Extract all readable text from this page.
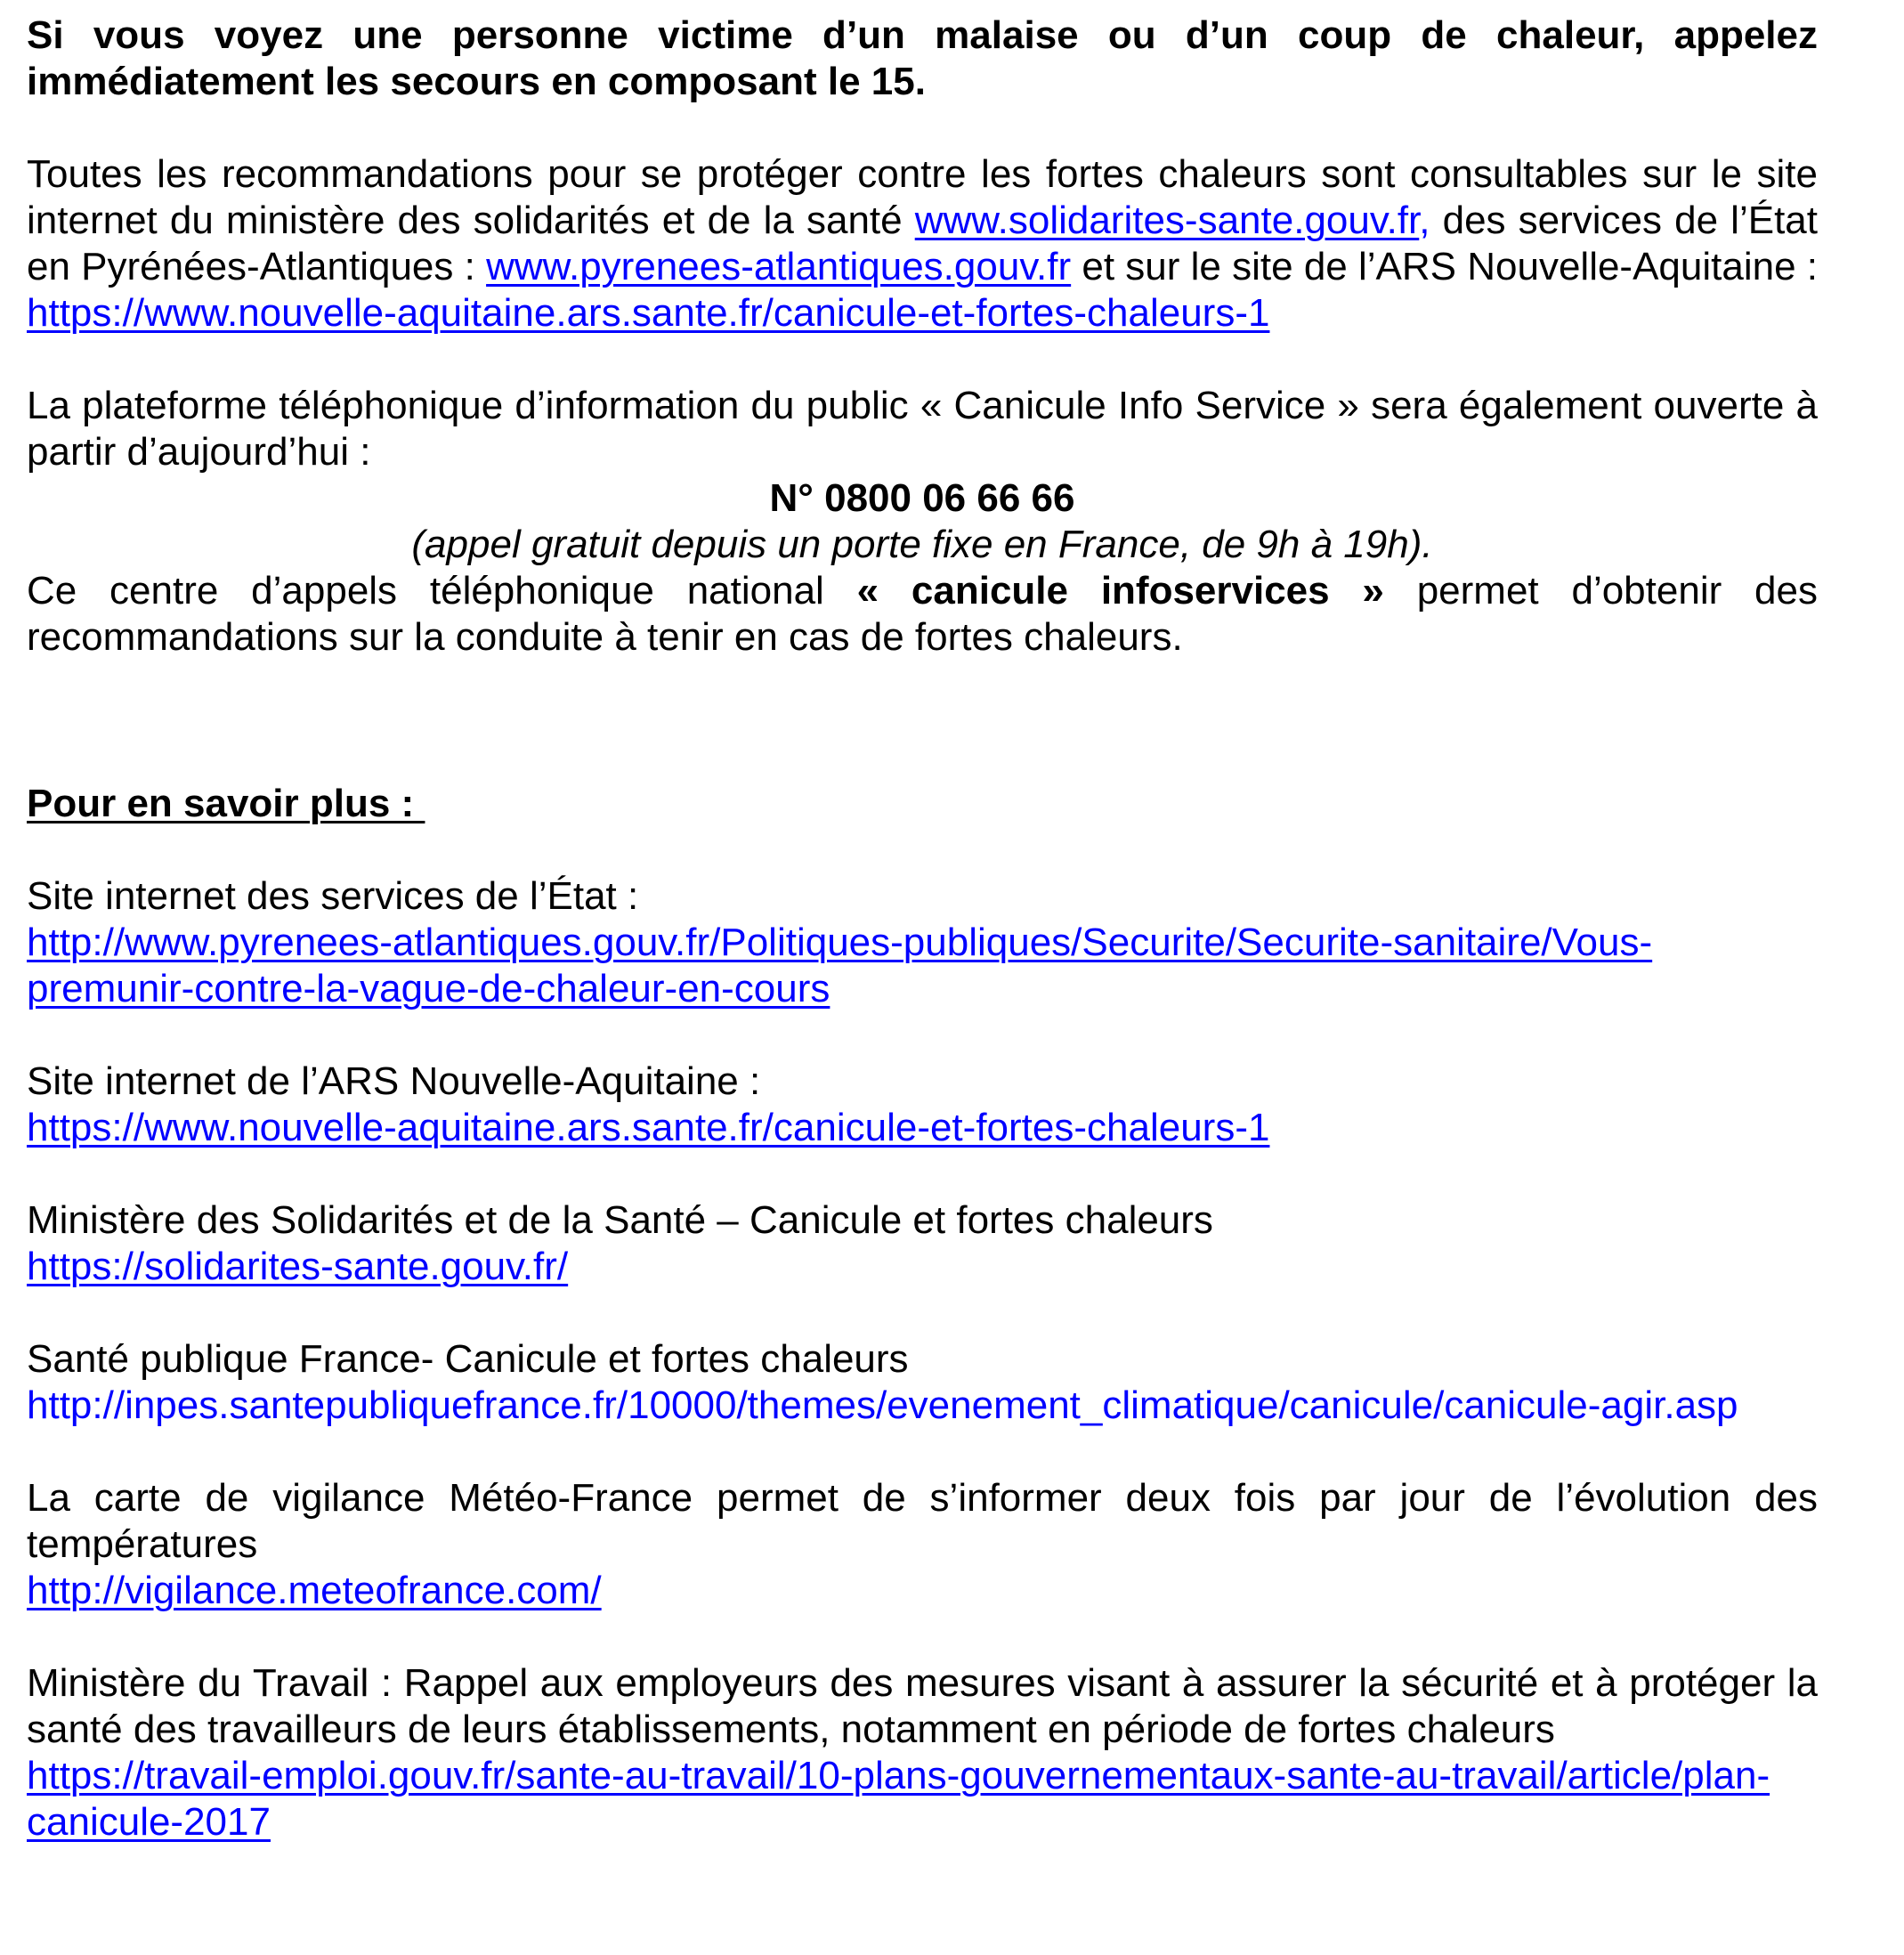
Si vous voyez une personne victime d’un malaise ou d’un coup de chaleur, appelez immédiatement les secours en composant le 15.

Toutes les recommandations pour se protéger contre les fortes chaleurs sont consultables sur le site internet du ministère des solidarités et de la santé www.solidarites-sante.gouv.fr, des services de l’État en Pyrénées-Atlantiques : www.pyrenees-atlantiques.gouv.fr et sur le site de l’ARS Nouvelle-Aquitaine : https://www.nouvelle-aquitaine.ars.sante.fr/canicule-et-fortes-chaleurs-1

La plateforme téléphonique d’information du public « Canicule Info Service » sera également ouverte à partir d’aujourd’hui :

N° 0800 06 66 66

(appel gratuit depuis un porte fixe en France, de 9h à 19h).

Ce centre d’appels téléphonique national « canicule infoservices » permet d’obtenir des recommandations sur la conduite à tenir en cas de fortes chaleurs.

Pour en savoir plus :

Site internet des services de l’État :
http://www.pyrenees-atlantiques.gouv.fr/Politiques-publiques/Securite/Securite-sanitaire/Vous-premunir-contre-la-vague-de-chaleur-en-cours

Site internet de l’ARS Nouvelle-Aquitaine :
https://www.nouvelle-aquitaine.ars.sante.fr/canicule-et-fortes-chaleurs-1

Ministère des Solidarités et de la Santé – Canicule et fortes chaleurs
https://solidarites-sante.gouv.fr/

Santé publique France- Canicule et fortes chaleurs
http://inpes.santepubliquefrance.fr/10000/themes/evenement_climatique/canicule/canicule-agir.asp

La carte de vigilance Météo-France permet de s’informer deux fois par jour de l’évolution des températures
http://vigilance.meteofrance.com/

Ministère du Travail : Rappel aux employeurs des mesures visant à assurer la sécurité et à protéger la santé des travailleurs de leurs établissements, notamment en période de fortes chaleurs
https://travail-emploi.gouv.fr/sante-au-travail/10-plans-gouvernementaux-sante-au-travail/article/plan-canicule-2017
